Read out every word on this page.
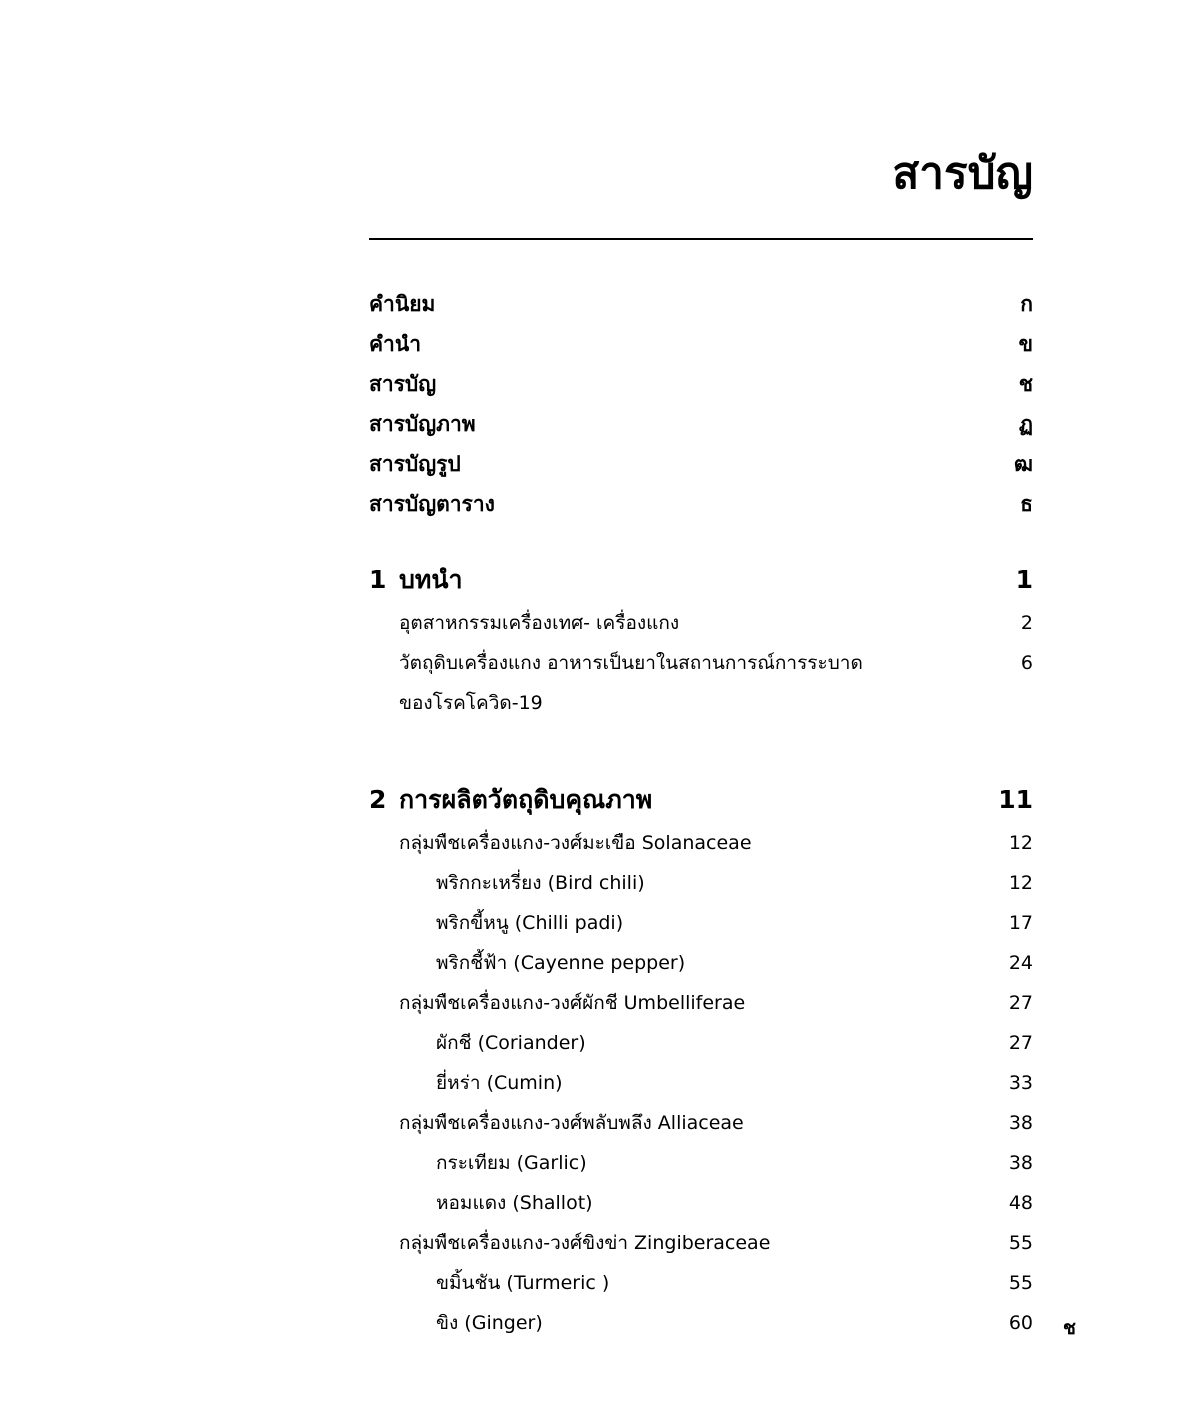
สารบัญ
คำนิยม	ก
คำนำ	ข
สารบัญ	ช
สารบัญภาพ	ฏ
สารบัญรูป	ฒ
สารบัญตาราง	ธ
1 บทนำ	1
อุตสาหกรรมเครื่องเทศ- เครื่องแกง	2
วัตถุดิบเครื่องแกง อาหารเป็นยาในสถานการณ์การระบาด	6
ของโรคโควิด-19
2 การผลิตวัตถุดิบคุณภาพ	11
กลุ่มพืชเครื่องแกง-วงศ์มะเขือ Solanaceae	12
พริกกะเหรี่ยง (Bird chili)	12
พริกขี้หนู (Chilli padi)	17
พริกชี้ฟ้า (Cayenne pepper)	24
กลุ่มพืชเครื่องแกง-วงศ์ผักชี Umbelliferae	27
ผักชี (Coriander)	27
ยี่หร่า (Cumin)	33
กลุ่มพืชเครื่องแกง-วงศ์พลับพลึง Alliaceae	38
กระเทียม (Garlic)	38
หอมแดง (Shallot)	48
กลุ่มพืชเครื่องแกง-วงศ์ขิงข่า Zingiberaceae	55
ขมิ้นชัน (Turmeric )	55
ขิง (Ginger)	60 ช
